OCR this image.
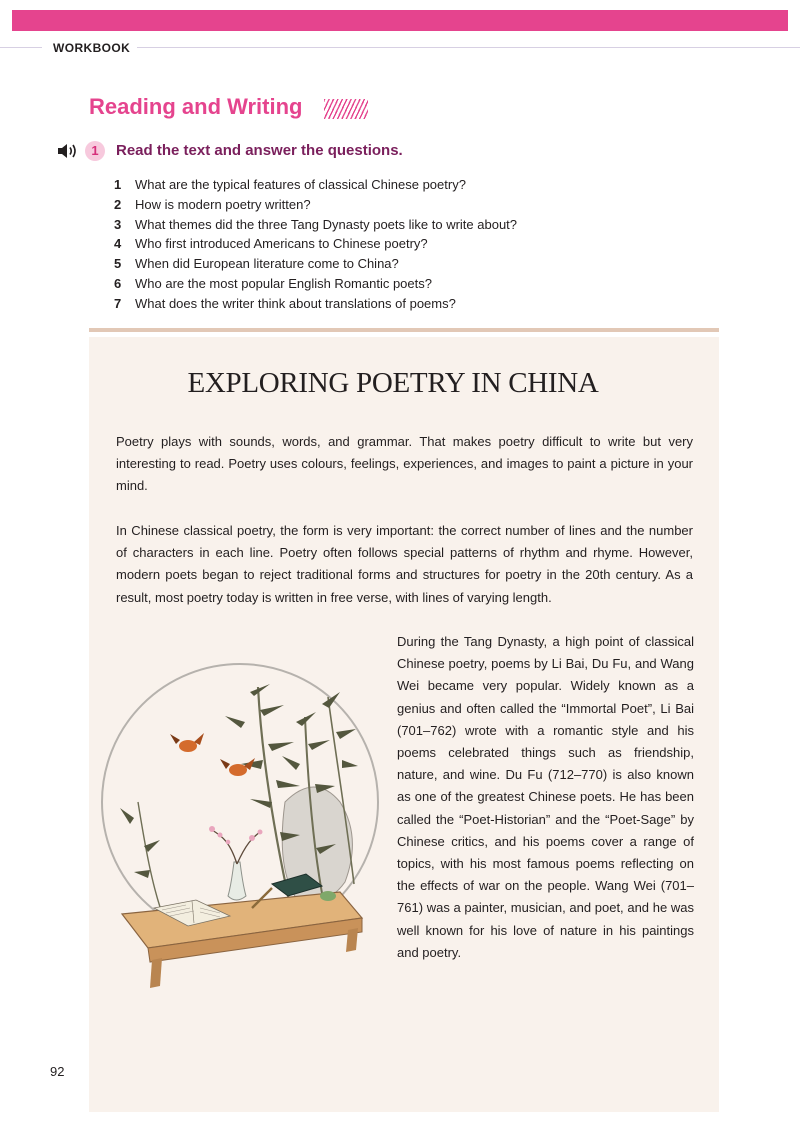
WORKBOOK
Reading and Writing
1	Read the text and answer the questions.
1 What are the typical features of classical Chinese poetry?
2 How is modern poetry written?
3 What themes did the three Tang Dynasty poets like to write about?
4 Who first introduced Americans to Chinese poetry?
5 When did European literature come to China?
6 Who are the most popular English Romantic poets?
7 What does the writer think about translations of poems?
EXPLORING POETRY IN CHINA

Poetry plays with sounds, words, and grammar. That makes poetry difficult to write but very interesting to read. Poetry uses colours, feelings, experiences, and images to paint a picture in your mind.

In Chinese classical poetry, the form is very important: the correct number of lines and the number of characters in each line. Poetry often follows special patterns of rhythm and rhyme. However, modern poets began to reject traditional forms and structures for poetry in the 20th century. As a result, most poetry today is written in free verse, with lines of varying length.

During the Tang Dynasty, a high point of classical Chinese poetry, poems by Li Bai, Du Fu, and Wang Wei became very popular. Widely known as a genius and often called the “Immortal Poet”, Li Bai (701–762) wrote with a romantic style and his poems celebrated things such as friendship, nature, and wine. Du Fu (712–770) is also known as one of the greatest Chinese poets. He has been called the “Poet-Historian” and the “Poet-Sage” by Chinese critics, and his poems cover a range of topics, with his most famous poems reflecting on the effects of war on the people. Wang Wei (701–761) was a painter, musician, and poet, and he was well known for his love of nature in his paintings and poetry.

92
